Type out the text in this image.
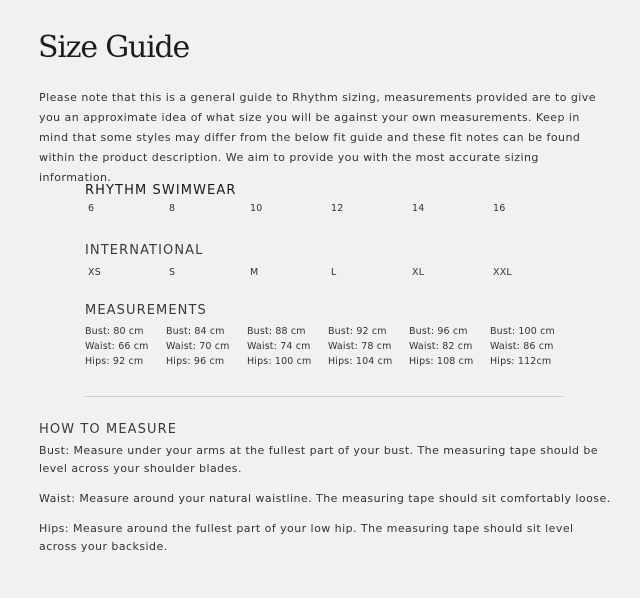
Size Guide

Please note that this is a general guide to Rhythm sizing, measurements provided are to give you an approximate idea of what size you will be against your own measurements. Keep in mind that some styles may differ from the below fit guide and these fit notes can be found within the product description. We aim to provide you with the most accurate sizing information.

RHYTHM SWIMWEAR
6	8	10	12	14	16
INTERNATIONAL
XS	S	M	L	XL	XXL
MEASUREMENTS
Bust: 80 cm
Waist: 66 cm
Hips: 92 cm
Bust: 84 cm
Waist: 70 cm
Hips: 96 cm
Bust: 88 cm
Waist: 74 cm
Hips: 100 cm
Bust: 92 cm
Waist: 78 cm
Hips: 104 cm
Bust: 96 cm
Waist: 82 cm
Hips: 108 cm
Bust: 100 cm
Waist: 86 cm
Hips: 112cm
HOW TO MEASURE

Bust: Measure under your arms at the fullest part of your bust. The measuring tape should be level across your shoulder blades.

Waist: Measure around your natural waistline. The measuring tape should sit comfortably loose.

Hips: Measure around the fullest part of your low hip. The measuring tape should sit level across your backside.
